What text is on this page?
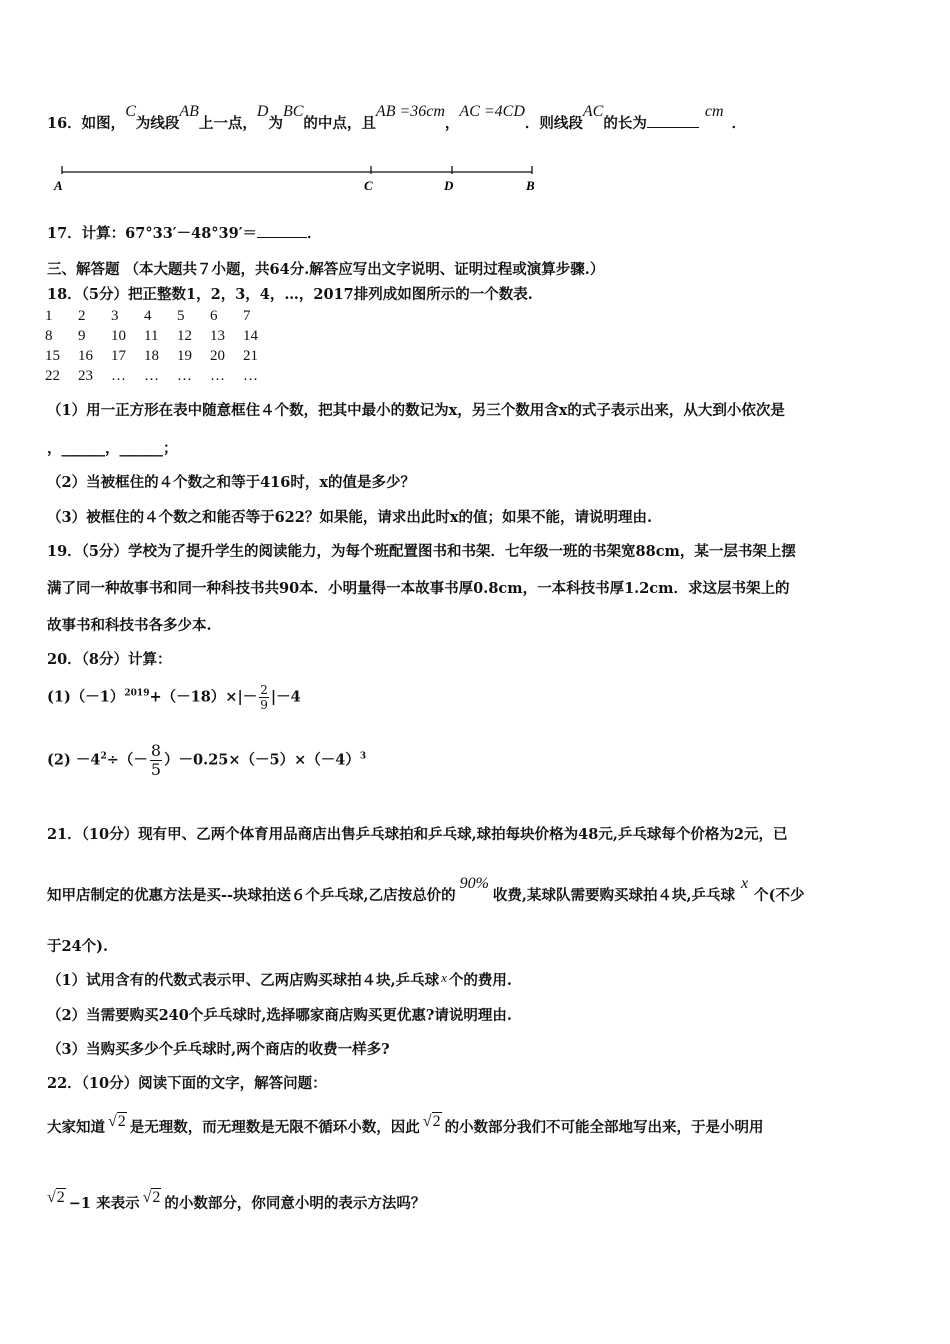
16．如图，C为线段AB上一点，D为BC的中点，且AB =36cm，AC =4CD．则线段AC的长为cm．
A	C	D	B
17．计算：67°33′－48°39′＝	．
三、解答题 （本大题共７小题，共64分.解答应写出文字说明、证明过程或演算步骤.）
18．（5分）把正整数1，2，3，4，…，2017排列成如图所示的一个数表.
1 2 3 4 5 6 7
8 9 10 11 12 13 14
15 16 17 18 19 20 21
22 23 … … … … …
（1）用一正方形在表中随意框住４个数，把其中最小的数记为x，另三个数用含x的式子表示出来，从大到小依次是
，______，______；
（2）当被框住的４个数之和等于416时，x的值是多少？
（3）被框住的４个数之和能否等于622？如果能，请求出此时x的值；如果不能，请说明理由.
19．（5分）学校为了提升学生的阅读能力，为每个班配置图书和书架．七年级一班的书架宽88cm，某一层书架上摆
满了同一种故事书和同一种科技书共90本．小明量得一本故事书厚0.8cm，一本科技书厚1.2cm．求这层书架上的
故事书和科技书各多少本.
20．（8分）计算：
$(1)(-1)^{2019}+(-18)\times|- \frac{2}{9} |-4$
$(2) -4^2\div(- \frac{8}{5} )-0.25\times(-5)\times(-4)^3$
21．（10分）现有甲、乙两个体育用品商店出售乒乓球拍和乒乓球,球拍每块价格为48元,乒乓球每个价格为2元，已
知甲店制定的优惠方法是买--块球拍送６个乒乓球,乙店按总价的90%收费,某球队需要购买球拍４块,乒乓球x个(不少
于24个).
（1）试用含有的代数式表示甲、乙两店购买球拍４块,乒乓球 x 个的费用.
（2）当需要购买240个乒乓球时,选择哪家商店购买更优惠?请说明理由.
（3）当购买多少个乒乓球时,两个商店的收费一样多?
22．（10分）阅读下面的文字，解答问题：
大家知道 √2 是无理数，而无理数是无限不循环小数，因此 √2 的小数部分我们不可能全部地写出来，于是小明用
√2 −1 来表示 √2 的小数部分，你同意小明的表示方法吗？
